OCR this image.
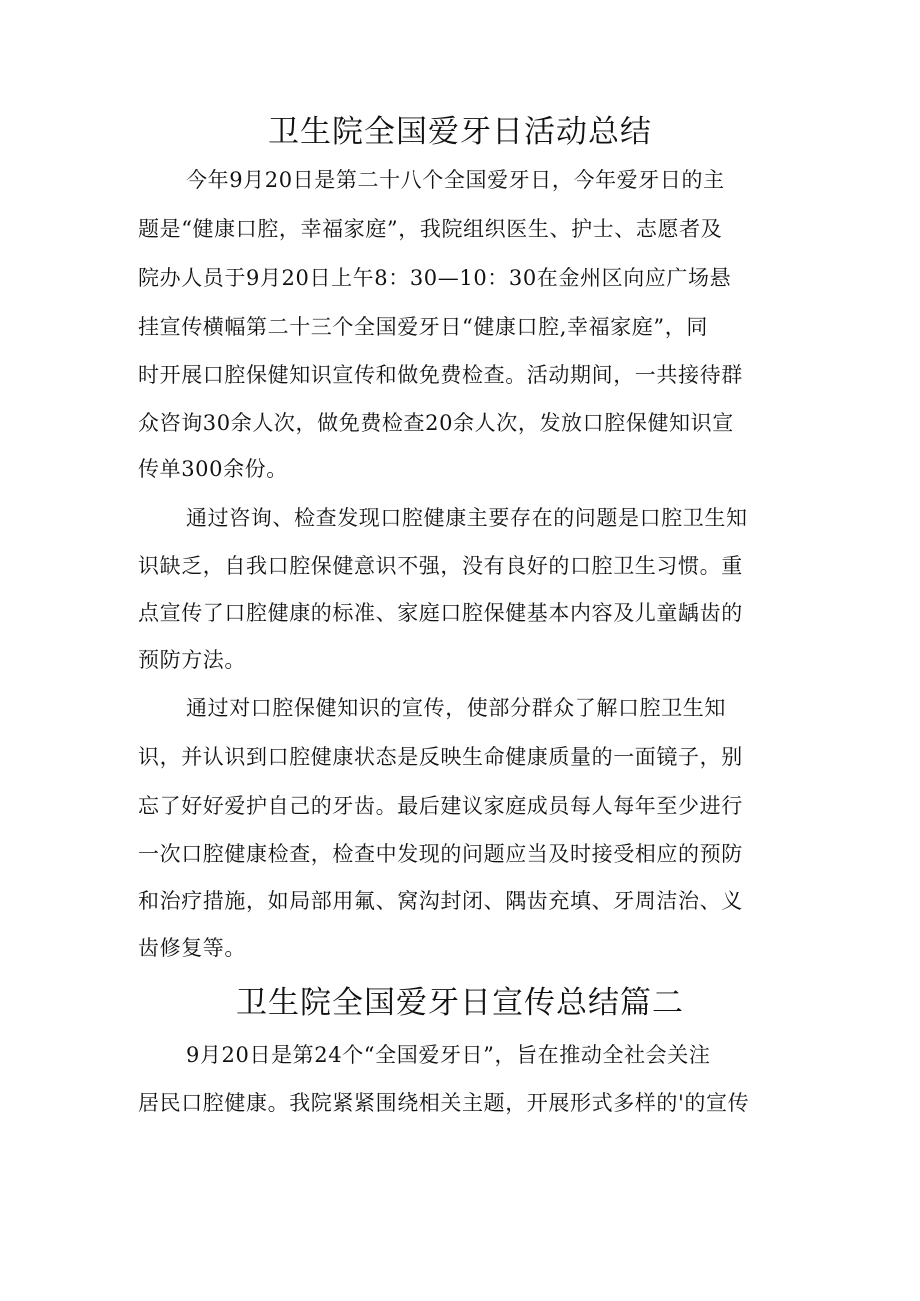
卫生院全国爱牙日活动总结
今年9月20日是第二十八个全国爱牙日，今年爱牙日的主
题是“健康口腔，幸福家庭”，我院组织医生、护士、志愿者及
院办人员于9月20日上午8：30—10：30在金州区向应广场悬
挂宣传横幅第二十三个全国爱牙日“健康口腔,幸福家庭”，同
时开展口腔保健知识宣传和做免费检查。活动期间，一共接待群
众咨询30余人次，做免费检查20余人次，发放口腔保健知识宣
传单300余份。
通过咨询、检查发现口腔健康主要存在的问题是口腔卫生知
识缺乏，自我口腔保健意识不强，没有良好的口腔卫生习惯。重
点宣传了口腔健康的标准、家庭口腔保健基本内容及儿童龋齿的
预防方法。
通过对口腔保健知识的宣传，使部分群众了解口腔卫生知
识，并认识到口腔健康状态是反映生命健康质量的一面镜子，别
忘了好好爱护自己的牙齿。最后建议家庭成员每人每年至少进行
一次口腔健康检查，检查中发现的问题应当及时接受相应的预防
和治疗措施，如局部用氟、窝沟封闭、隅齿充填、牙周洁治、义
齿修复等。
卫生院全国爱牙日宣传总结篇二
9月20日是第24个“全国爱牙日”，旨在推动全社会关注
居民口腔健康。我院紧紧围绕相关主题，开展形式多样的'的宣传
